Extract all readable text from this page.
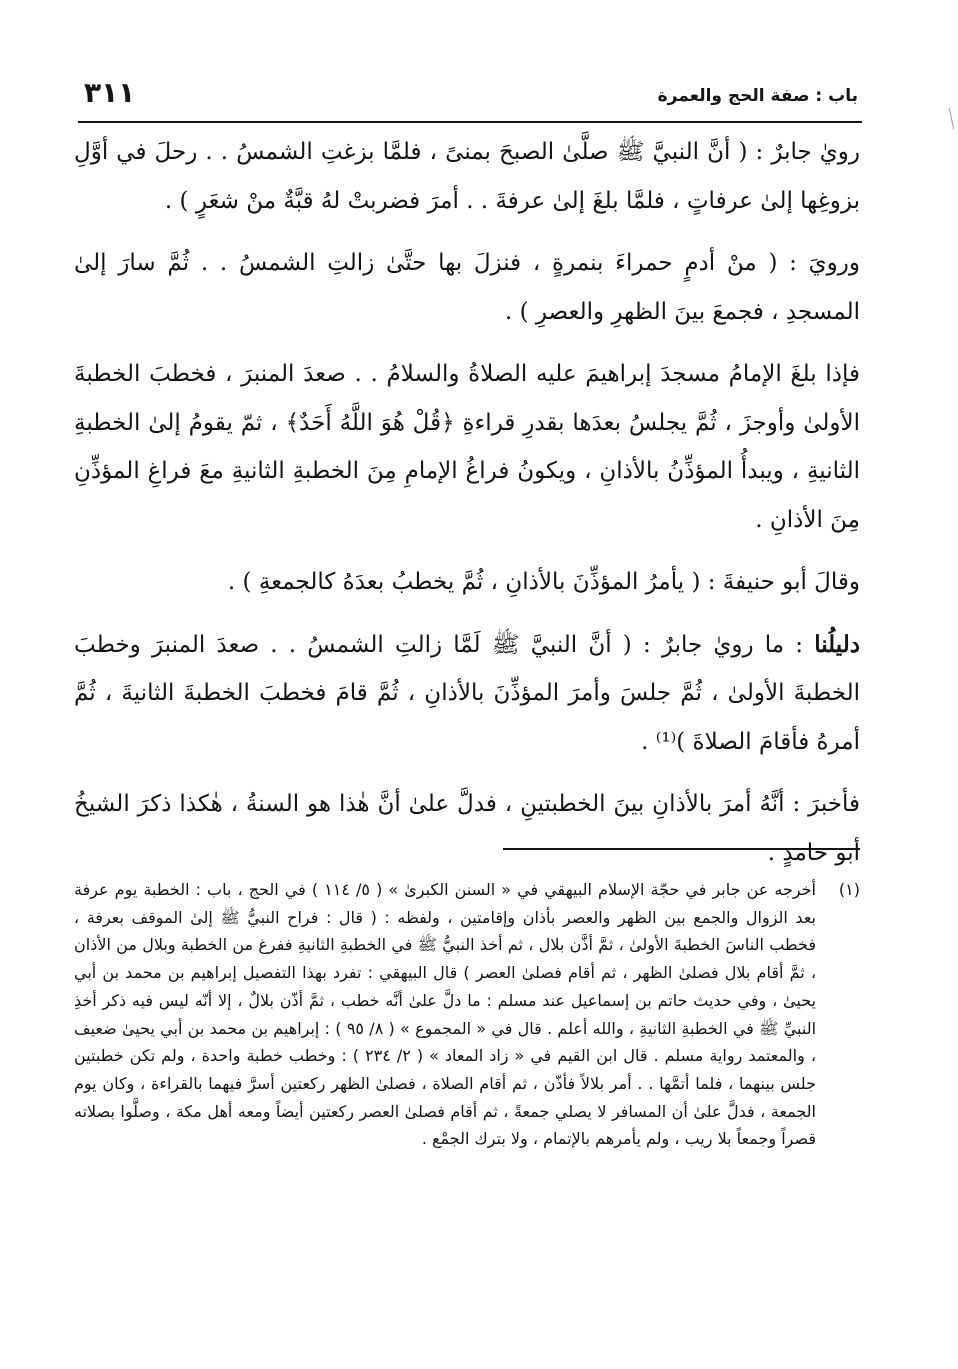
باب : صفة الحج والعمرة
٣١١

رويٰ جابرٌ : ( أنَّ النبيَّ ﷺ صلَّىٰ الصبحَ بمنىً ، فلمَّا بزغتِ الشمسُ . . رحلَ في أوَّلِ بزوغِها إلىٰ عرفاتٍ ، فلمَّا بلغَ إلىٰ عرفةَ . . أمرَ فضربتْ لهُ قبَّةٌ منْ شعَرٍ ) .

ورويَ : ( منْ أدمٍ حمراءَ بنمرةٍ ، فنزلَ بها حتَّىٰ زالتِ الشمسُ . . ثُمَّ سارَ إلىٰ المسجدِ ، فجمعَ بينَ الظهرِ والعصرِ ) .

فإذا بلغَ الإمامُ مسجدَ إبراهيمَ عليه الصلاةُ والسلامُ . . صعدَ المنبرَ ، فخطبَ الخطبةَ الأولىٰ وأوجزَ ، ثُمَّ يجلسُ بعدَها بقدرِ قراءةِ ﴿قُلْ هُوَ اللَّهُ أَحَدٌ﴾ ، ثمّ يقومُ إلىٰ الخطبةِ الثانيةِ ، ويبدأُ المؤذِّنُ بالأذانِ ، ويكونُ فراغُ الإمامِ مِنَ الخطبةِ الثانيةِ معَ فراغِ المؤذِّنِ مِنَ الأذانِ .

وقالَ أبو حنيفةَ : ( يأمرُ المؤذِّنَ بالأذانِ ، ثُمَّ يخطبُ بعدَهُ كالجمعةِ ) .

دليلُنا : ما رويٰ جابرٌ : ( أنَّ النبيَّ ﷺ لَمَّا زالتِ الشمسُ . . صعدَ المنبرَ وخطبَ الخطبةَ الأولىٰ ، ثُمَّ جلسَ وأمرَ المؤذِّنَ بالأذانِ ، ثُمَّ قامَ فخطبَ الخطبةَ الثانيةَ ، ثُمَّ أمرهُ فأقامَ الصلاةَ )⁽¹⁾ .

فأخبرَ : أنَّهُ أمرَ بالأذانِ بينَ الخطبتينِ ، فدلَّ علىٰ أنَّ هٰذا هو السنةُ ، هٰكذا ذكرَ الشيخُ أبو حامدٍ .

(١)
أخرجه عن جابر في حجّة الإسلام البيهقي في « السنن الكبرىٰ » ( ٥/ ١١٤ ) في الحج ، باب : الخطبة يوم عرفة بعد الزوال والجمع بين الظهر والعصر بأذان وإقامتين ، ولفظه : ( قال : فراح النبيُّ ﷺ إلىٰ الموقف بعرفة ، فخطب الناسَ الخطبةَ الأولىٰ ، ثمَّ أذَّن بلال ، ثم أخذ النبيُّ ﷺ في الخطبةِ الثانيةِ ففرغ من الخطبة وبلال من الأذان ، ثمَّ أقام بلال فصلىٰ الظهر ، ثم أقام فصلىٰ العصر ) قال البيهقي : تفرد بهذا التفصيل إبراهيم بن محمد بن أبي يحيىٰ ، وفي حديث حاتم بن إسماعيل عند مسلم : ما دلَّ علىٰ أنَّه خطب ، ثمَّ أذّن بلالٌ ، إلا أنّه ليس فيه ذكر أخذِ النبيِّ ﷺ في الخطبةِ الثانيةِ ، والله أعلم . قال في « المجموع » ( ٨/ ٩٥ ) : إبراهيم بن محمد بن أبي يحيىٰ ضعيف ، والمعتمد رواية مسلم . قال ابن القيم في « زاد المعاد » ( ٢/ ٢٣٤ ) : وخطب خطبة واحدة ، ولم تكن خطبتين جلس بينهما ، فلما أتمَّها . . أمر بلالاً فأذّن ، ثم أقام الصلاة ، فصلىٰ الظهر ركعتين أسرَّ فيهما بالقراءة ، وكان يوم الجمعة ، فدلَّ علىٰ أن المسافر لا يصلي جمعةً ، ثم أقام فصلىٰ العصر ركعتين أيضاً ومعه أهل مكة ، وصلَّوا بصلاته قصراً وجمعاً بلا ريب ، ولم يأمرهم بالإتمام ، ولا بترك الجمْع .
